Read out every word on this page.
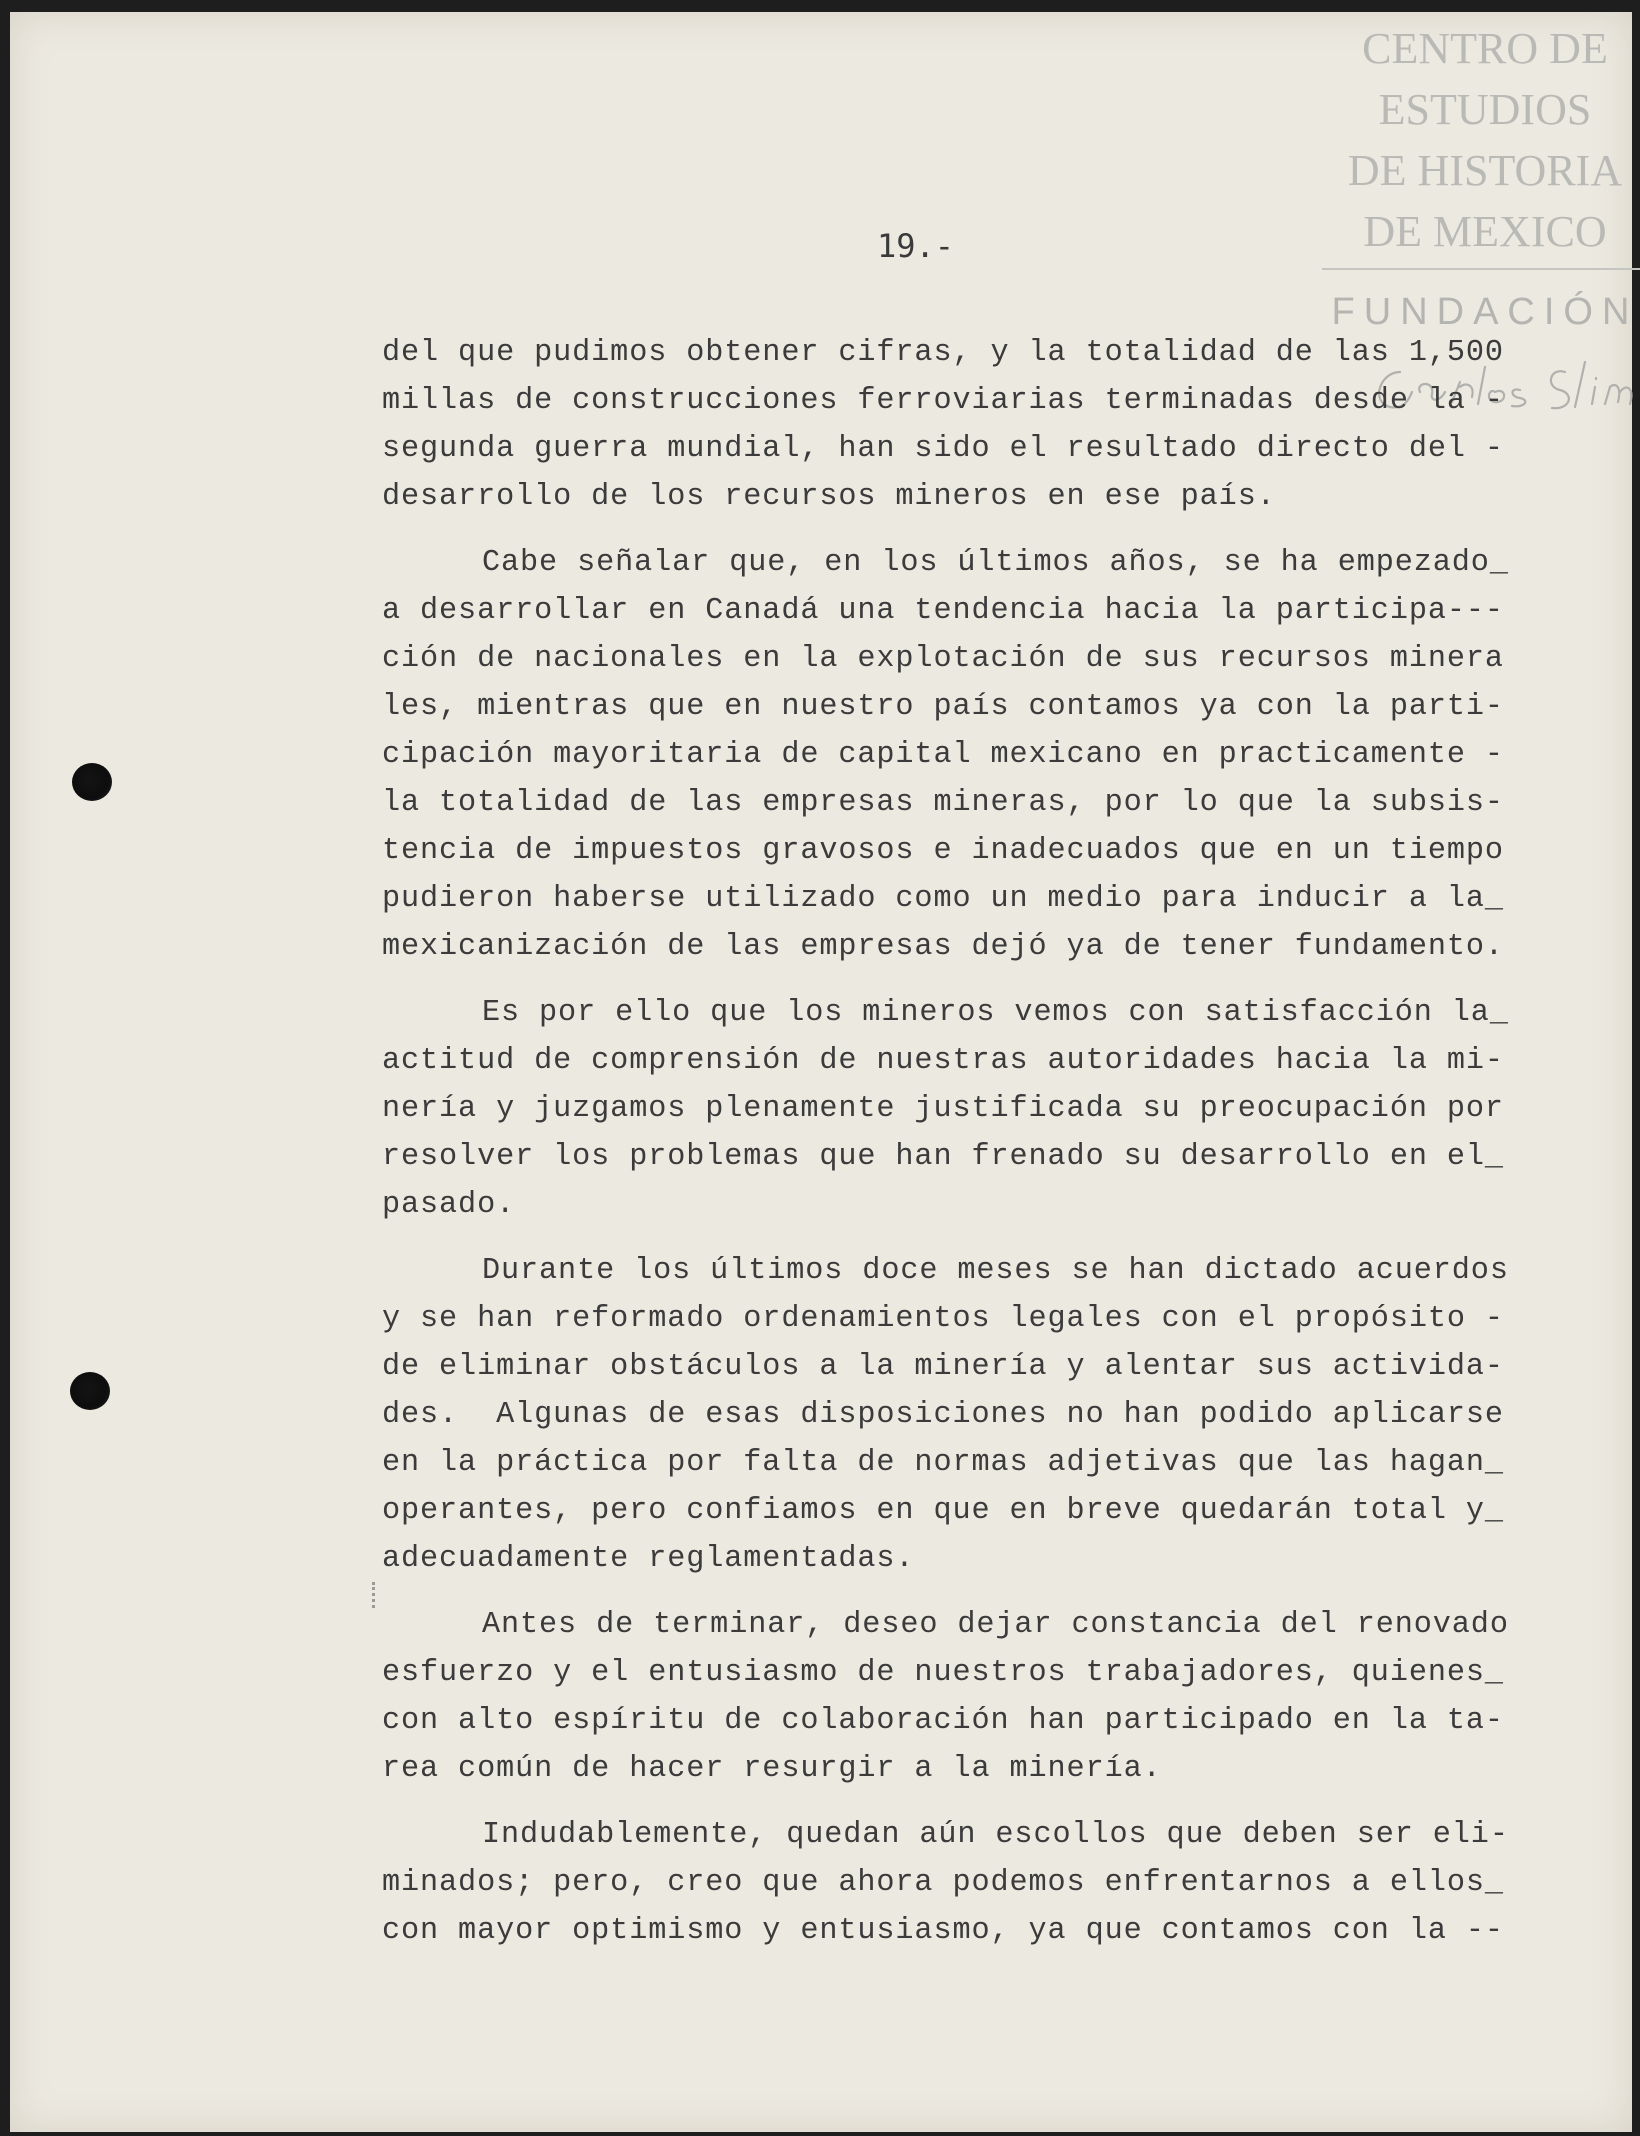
CENTRO DE
ESTUDIOS
DE HISTORIA
DE MEXICO
FUNDACIÓN
19.-
del que pudimos obtener cifras, y la totalidad de las 1,500
millas de construcciones ferroviarias terminadas desde la -
segunda guerra mundial, han sido el resultado directo del -
desarrollo de los recursos mineros en ese país.
Cabe señalar que, en los últimos años, se ha empezado_
a desarrollar en Canadá una tendencia hacia la participa---
ción de nacionales en la explotación de sus recursos minera
les, mientras que en nuestro país contamos ya con la parti-
cipación mayoritaria de capital mexicano en practicamente -
la totalidad de las empresas mineras, por lo que la subsis-
tencia de impuestos gravosos e inadecuados que en un tiempo
pudieron haberse utilizado como un medio para inducir a la_
mexicanización de las empresas dejó ya de tener fundamento.
Es por ello que los mineros vemos con satisfacción la_
actitud de comprensión de nuestras autoridades hacia la mi-
nería y juzgamos plenamente justificada su preocupación por
resolver los problemas que han frenado su desarrollo en el_
pasado.
Durante los últimos doce meses se han dictado acuerdos
y se han reformado ordenamientos legales con el propósito -
de eliminar obstáculos a la minería y alentar sus activida-
des.  Algunas de esas disposiciones no han podido aplicarse
en la práctica por falta de normas adjetivas que las hagan_
operantes, pero confiamos en que en breve quedarán total y_
adecuadamente reglamentadas.
Antes de terminar, deseo dejar constancia del renovado
esfuerzo y el entusiasmo de nuestros trabajadores, quienes_
con alto espíritu de colaboración han participado en la ta-
rea común de hacer resurgir a la minería.
Indudablemente, quedan aún escollos que deben ser eli-
minados; pero, creo que ahora podemos enfrentarnos a ellos_
con mayor optimismo y entusiasmo, ya que contamos con la --
